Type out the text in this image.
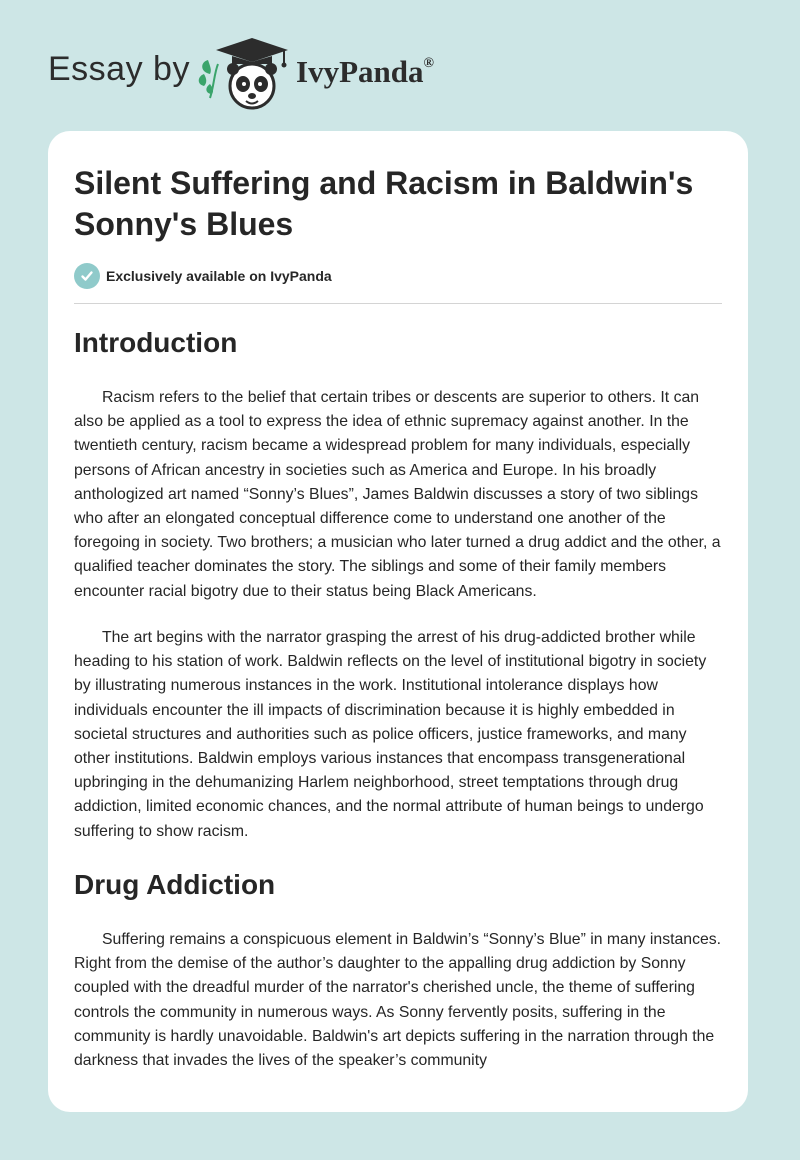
Essay by	IvyPanda®
Silent Suffering and Racism in Baldwin's Sonny's Blues
Exclusively available on IvyPanda
Introduction

Racism refers to the belief that certain tribes or descents are superior to others. It can also be applied as a tool to express the idea of ethnic supremacy against another. In the twentieth century, racism became a widespread problem for many individuals, especially persons of African ancestry in societies such as America and Europe. In his broadly anthologized art named “Sonny’s Blues”, James Baldwin discusses a story of two siblings who after an elongated conceptual difference come to understand one another of the foregoing in society. Two brothers; a musician who later turned a drug addict and the other, a qualified teacher dominates the story. The siblings and some of their family members encounter racial bigotry due to their status being Black Americans.

The art begins with the narrator grasping the arrest of his drug-addicted brother while heading to his station of work. Baldwin reflects on the level of institutional bigotry in society by illustrating numerous instances in the work. Institutional intolerance displays how individuals encounter the ill impacts of discrimination because it is highly embedded in societal structures and authorities such as police officers, justice frameworks, and many other institutions. Baldwin employs various instances that encompass transgenerational upbringing in the dehumanizing Harlem neighborhood, street temptations through drug addiction, limited economic chances, and the normal attribute of human beings to undergo suffering to show racism.

Drug Addiction

Suffering remains a conspicuous element in Baldwin’s “Sonny’s Blue” in many instances. Right from the demise of the author’s daughter to the appalling drug addiction by Sonny coupled with the dreadful murder of the narrator's cherished uncle, the theme of suffering controls the community in numerous ways. As Sonny fervently posits, suffering in the community is hardly unavoidable. Baldwin's art depicts suffering in the narration through the darkness that invades the lives of the speaker’s community
